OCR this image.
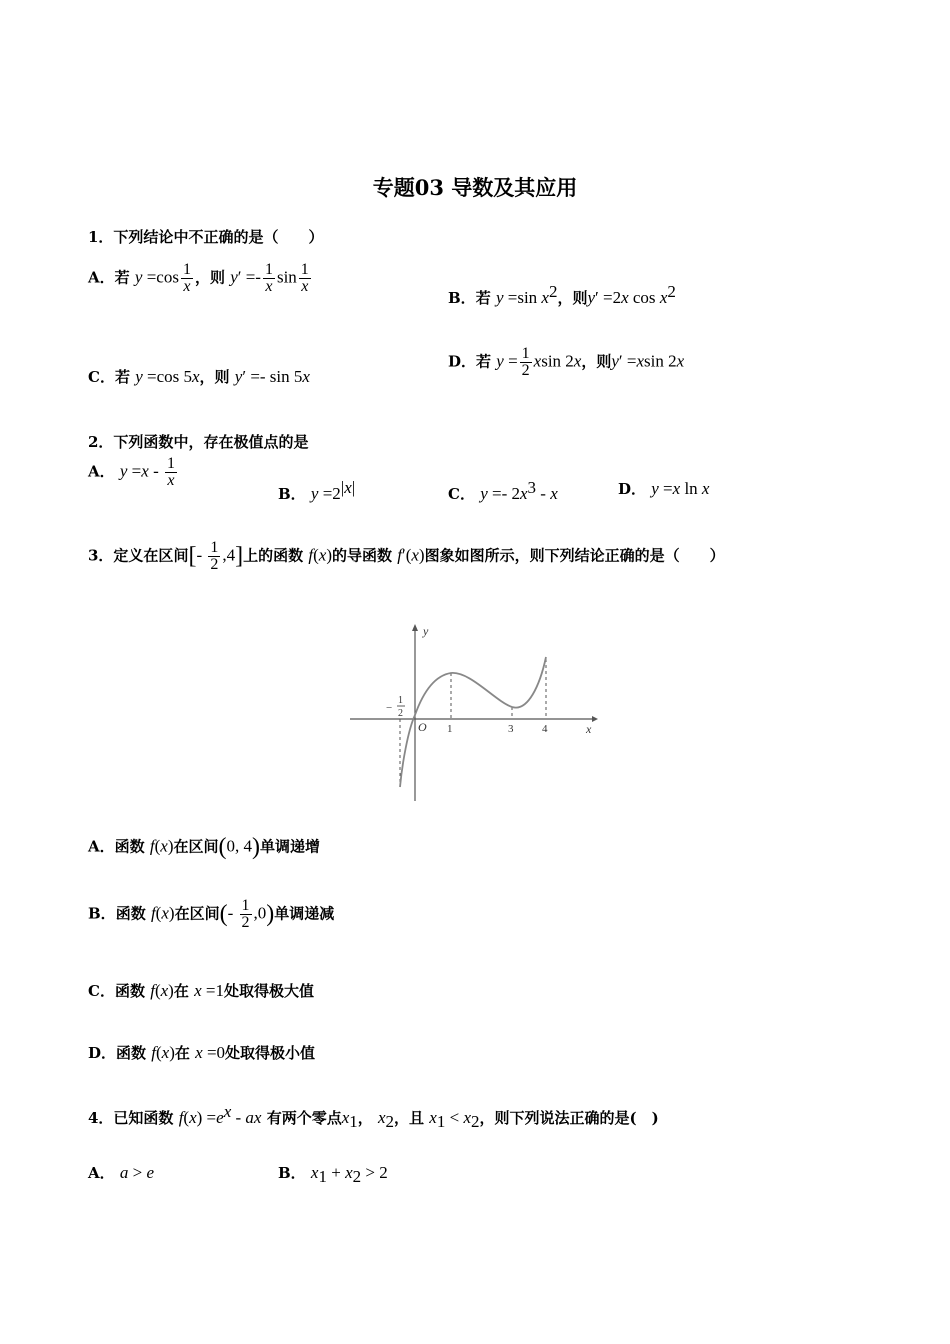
专题03 导数及其应用
1．下列结论中不正确的是（　　）
A．若 $y =\cos \frac{1}{x}$ ，则 $y' =- \frac{1}{x}$ $\sin \frac{1}{x}$
B．若 y =sin $x^2$，则y′ =2x $\cos x^2$
C．若 y =cos 5x，则 y′ =- sin 5x
D．若 $y = \frac{1}{2}$ xsin 2x，则y′ =xsin 2x
2．下列函数中，存在极值点的是
A． $y =x - \frac{1}{x}$
B． $y =2^{|x|}$	C． $y =- 2x^3 - x$	D． y =x ln x
3．定义在区间[- $\frac{1}{2} ,4$]上的函数 f(x)的导函数 f′(x)图象如图所示，则下列结论正确的是（　　）
y
x
O 1	3	4
−
1
2
A．函数 f(x)在区间(0, 4)单调递增
B．函数 f(x)在区间(- $\frac{1}{2} ,0$)单调递减
C．函数 f(x)在 x =1处取得极大值
D．函数 f(x)在 x =0处取得极小值
4．已知函数 $f(x) =e^x$ - ax 有两个零点$x_1$， $x_2$，且 $x_1 < x_2$，则下列说法正确的是(　)
A． a > e	B． $x_1 + x_2 > 2$
